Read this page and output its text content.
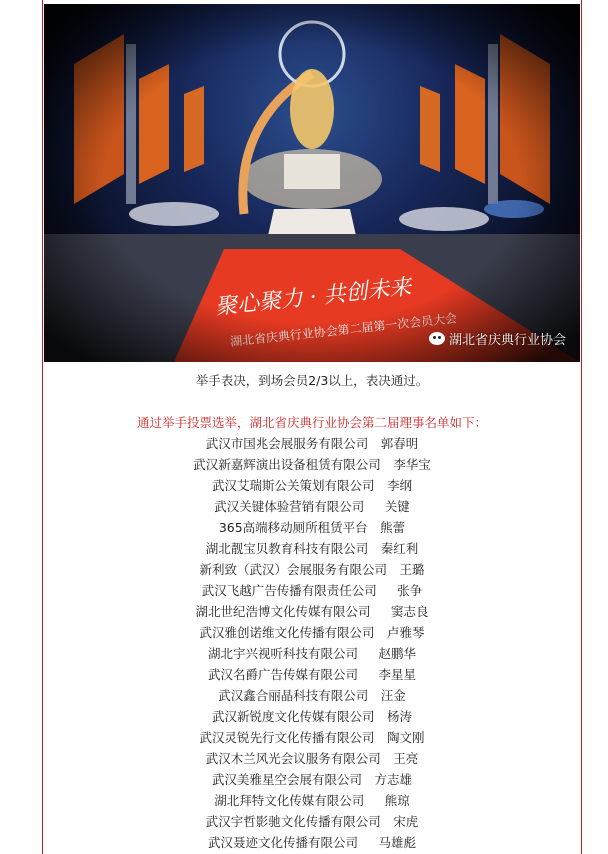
湖北省庆典行业协会

举手表决，到场会员2/3以上，表决通过。

通过举手投票选举，湖北省庆典行业协会第二届理事名单如下：

武汉市国兆会展服务有限公司　郭春明

武汉新嘉辉演出设备租赁有限公司　李华宝

武汉艾瑞斯公关策划有限公司　李纲

武汉关键体验营销有限公司　  关键

365高端移动厕所租赁平台　熊蕾

湖北靓宝贝教育科技有限公司　秦红利

新利致（武汉）会展服务有限公司　王璐

武汉飞越广告传播有限责任公司　  张争

湖北世纪浩博文化传媒有限公司　  窦志良

武汉雅创诺维文化传播有限公司　卢雅琴

湖北宇兴视听科技有限公司　  赵鹏华

武汉名爵广告传媒有限公司　  李星星

武汉鑫合丽晶科技有限公司　汪金

武汉新锐度文化传媒有限公司　杨涛

武汉灵锐先行文化传播有限公司　陶文刚

武汉木兰风光会议服务有限公司　王亮

武汉美雅星空会展有限公司　方志雄

湖北拜特文化传媒有限公司　  熊琼

武汉宇哲影驰文化传播有限公司　宋虎

武汉聂迹文化传播有限公司　  马雄彪
